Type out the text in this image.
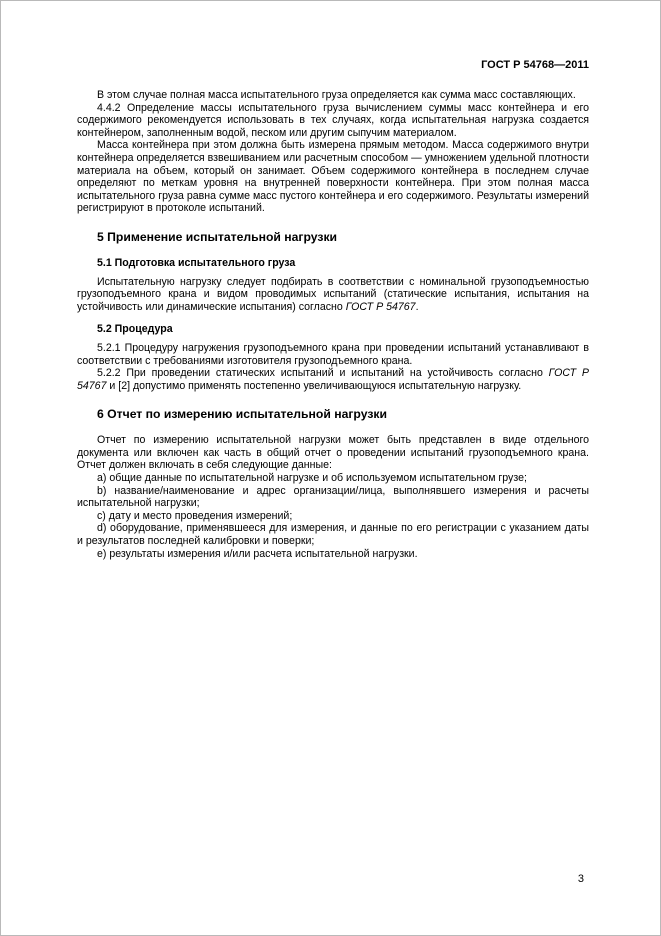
ГОСТ Р 54768—2011

В этом случае полная масса испытательного груза определяется как сумма масс составляющих.

4.4.2 Определение массы испытательного груза вычислением суммы масс контейнера и его содержимого рекомендуется использовать в тех случаях, когда испытательная нагрузка создается контейнером, заполненным водой, песком или другим сыпучим материалом.

Масса контейнера при этом должна быть измерена прямым методом. Масса содержимого внутри контейнера определяется взвешиванием или расчетным способом — умножением удельной плотности материала на объем, который он занимает. Объем содержимого контейнера в последнем случае определяют по меткам уровня на внутренней поверхности контейнера. При этом полная масса испытательного груза равна сумме масс пустого контейнера и его содержимого. Результаты измерений регистрируют в протоколе испытаний.

5 Применение испытательной нагрузки
5.1 Подготовка испытательного груза

Испытательную нагрузку следует подбирать в соответствии с номинальной грузоподъемностью грузоподъемного крана и видом проводимых испытаний (статические испытания, испытания на устойчивость или динамические испытания) согласно ГОСТ Р 54767.

5.2 Процедура

5.2.1 Процедуру нагружения грузоподъемного крана при проведении испытаний устанавливают в соответствии с требованиями изготовителя грузоподъемного крана.

5.2.2 При проведении статических испытаний и испытаний на устойчивость согласно ГОСТ Р 54767 и [2] допустимо применять постепенно увеличивающуюся испытательную нагрузку.

6 Отчет по измерению испытательной нагрузки

Отчет по измерению испытательной нагрузки может быть представлен в виде отдельного документа или включен как часть в общий отчет о проведении испытаний грузоподъемного крана. Отчет должен включать в себя следующие данные:

a) общие данные по испытательной нагрузке и об используемом испытательном грузе;

b) название/наименование и адрес организации/лица, выполнявшего измерения и расчеты испытательной нагрузки;

c) дату и место проведения измерений;

d) оборудование, применявшееся для измерения, и данные по его регистрации с указанием даты и результатов последней калибровки и поверки;

e) результаты измерения и/или расчета испытательной нагрузки.

3
